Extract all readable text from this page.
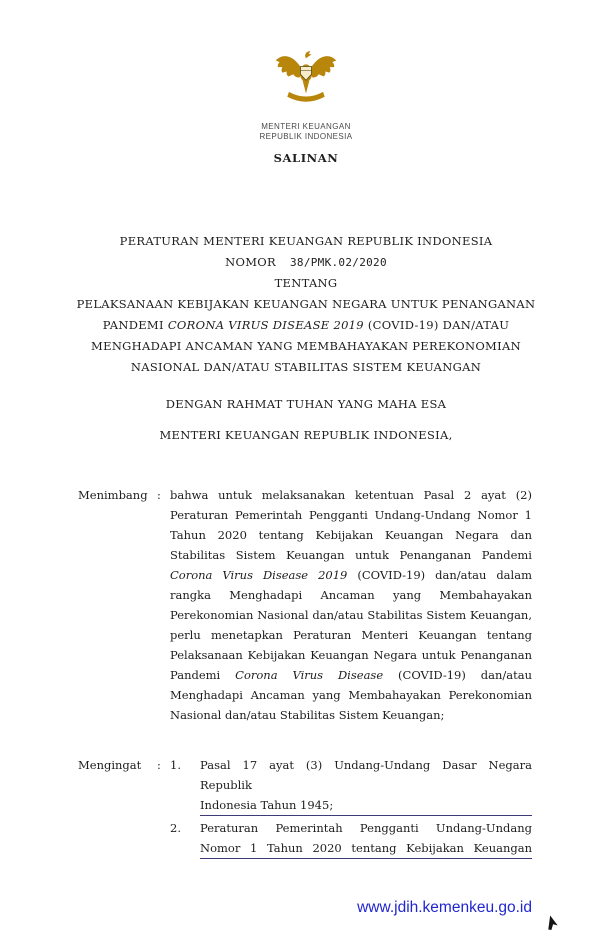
MENTERI KEUANGAN
REPUBLIK INDONESIA
SALINAN
PERATURAN MENTERI KEUANGAN REPUBLIK INDONESIA
NOMOR 38/PMK.02/2020
TENTANG
PELAKSANAAN KEBIJAKAN KEUANGAN NEGARA UNTUK PENANGANAN
PANDEMI CORONA VIRUS DISEASE 2019 (COVID-19) DAN/ATAU
MENGHADAPI ANCAMAN YANG MEMBAHAYAKAN PEREKONOMIAN
NASIONAL DAN/ATAU STABILITAS SISTEM KEUANGAN
DENGAN RAHMAT TUHAN YANG MAHA ESA
MENTERI KEUANGAN REPUBLIK INDONESIA,
Menimbang : bahwa untuk melaksanakan ketentuan Pasal 2 ayat (2) Peraturan Pemerintah Pengganti Undang-Undang Nomor 1 Tahun 2020 tentang Kebijakan Keuangan Negara dan Stabilitas Sistem Keuangan untuk Penanganan Pandemi Corona Virus Disease 2019 (COVID-19) dan/atau dalam rangka Menghadapi Ancaman yang Membahayakan Perekonomian Nasional dan/atau Stabilitas Sistem Keuangan, perlu menetapkan Peraturan Menteri Keuangan tentang Pelaksanaan Kebijakan Keuangan Negara untuk Penanganan Pandemi Corona Virus Disease (COVID-19) dan/atau Menghadapi Ancaman yang Membahayakan Perekonomian Nasional dan/atau Stabilitas Sistem Keuangan;
Mengingat	: 1.	Pasal 17 ayat (3) Undang-Undang Dasar Negara Republik
Indonesia Tahun 1945;
2.	Peraturan Pemerintah Pengganti Undang-Undang
Nomor 1 Tahun 2020 tentang Kebijakan Keuangan
www.jdih.kemenkeu.go.id
